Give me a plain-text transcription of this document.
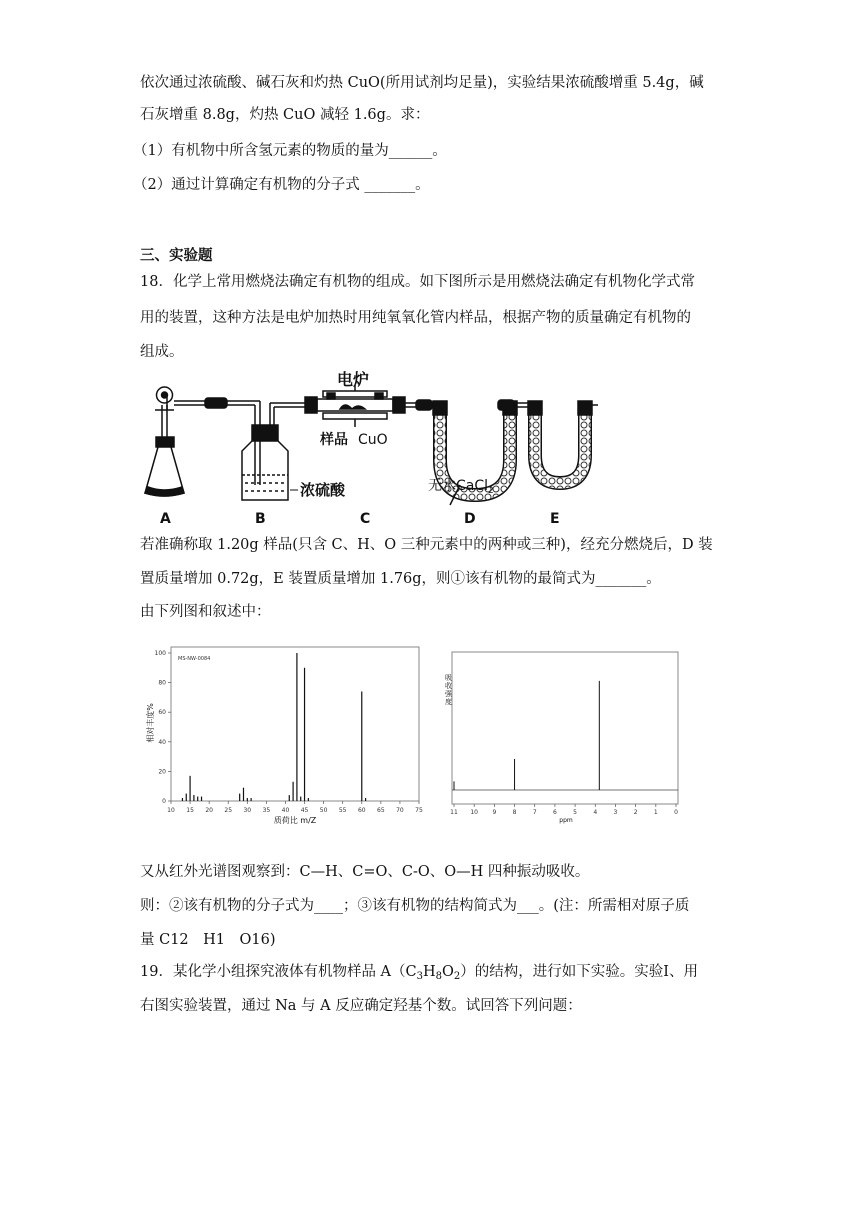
依次通过浓硫酸、碱石灰和灼热 CuO(所用试剂均足量)，实验结果浓硫酸增重 5.4g，碱
石灰增重 8.8g，灼热 CuO 减轻 1.6g。求：
（1）有机物中所含氢元素的物质的量为______。
（2）通过计算确定有机物的分子式 _______。
三、实验题
18．化学上常用燃烧法确定有机物的组成。如下图所示是用燃烧法确定有机物化学式常
用的装置，这种方法是电炉加热时用纯氧氧化管内样品，根据产物的质量确定有机物的
组成。
电炉
样品 CuO
浓硫酸	无水CaCl$_2$
A	B	C	D	E
若准确称取 1.20g 样品(只含 C、H、O 三种元素中的两种或三种)，经充分燃烧后，D 装
置质量增加 0.72g，E 装置质量增加 1.76g，则①该有机物的最简式为_______。
由下列图和叙述中：
MS-NW-0084
相对丰度%
质荷比 m/Z
10 15 20 25 30 35 40 45 50 55 60 65 70 75
0
20
40
60
80
100
吸
收
强
度
ppm
11 10 9	8	7	6	5	4	3	2	1	0
又从红外光谱图观察到：C—H、C=O、C-O、O—H 四种振动吸收。
则：②该有机物的分子式为____；③该有机物的结构简式为___。(注：所需相对原子质
量 C12　H1　O16)
19．某化学小组探究液体有机物样品 $A(C_3H_8O_2)$的结构，进行如下实验。实验Ⅰ、用
右图实验装置，通过 Na 与 A 反应确定羟基个数。试回答下列问题：
